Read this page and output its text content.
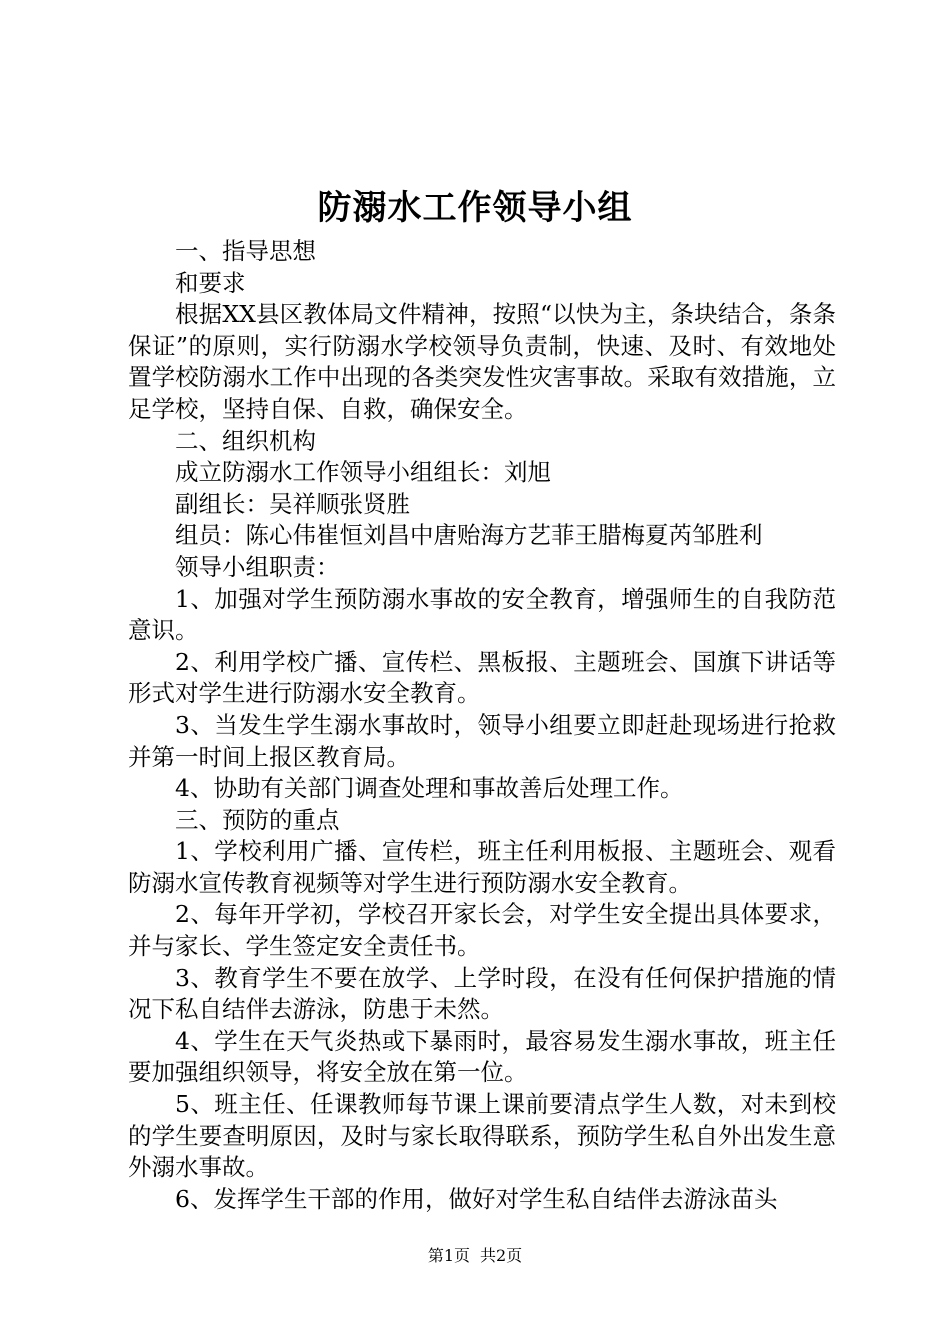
防溺水工作领导小组

一、指导思想

和要求

根据XX县区教体局文件精神，按照“以快为主，条块结合，条条保证”的原则，实行防溺水学校领导负责制，快速、及时、有效地处置学校防溺水工作中出现的各类突发性灾害事故。采取有效措施，立足学校，坚持自保、自救，确保安全。

二、组织机构

成立防溺水工作领导小组组长：刘旭

副组长：吴祥顺张贤胜

组员：陈心伟崔恒刘昌中唐贻海方艺菲王腊梅夏芮邹胜利

领导小组职责：

1、加强对学生预防溺水事故的安全教育，增强师生的自我防范意识。

2、利用学校广播、宣传栏、黑板报、主题班会、国旗下讲话等形式对学生进行防溺水安全教育。

3、当发生学生溺水事故时，领导小组要立即赶赴现场进行抢救并第一时间上报区教育局。

4、协助有关部门调查处理和事故善后处理工作。

三、预防的重点

1、学校利用广播、宣传栏，班主任利用板报、主题班会、观看防溺水宣传教育视频等对学生进行预防溺水安全教育。

2、每年开学初，学校召开家长会，对学生安全提出具体要求，并与家长、学生签定安全责任书。

3、教育学生不要在放学、上学时段，在没有任何保护措施的情况下私自结伴去游泳，防患于未然。

4、学生在天气炎热或下暴雨时，最容易发生溺水事故，班主任要加强组织领导，将安全放在第一位。

5、班主任、任课教师每节课上课前要清点学生人数，对未到校的学生要查明原因，及时与家长取得联系，预防学生私自外出发生意外溺水事故。

6、发挥学生干部的作用，做好对学生私自结伴去游泳苗头

第1页 共2页
